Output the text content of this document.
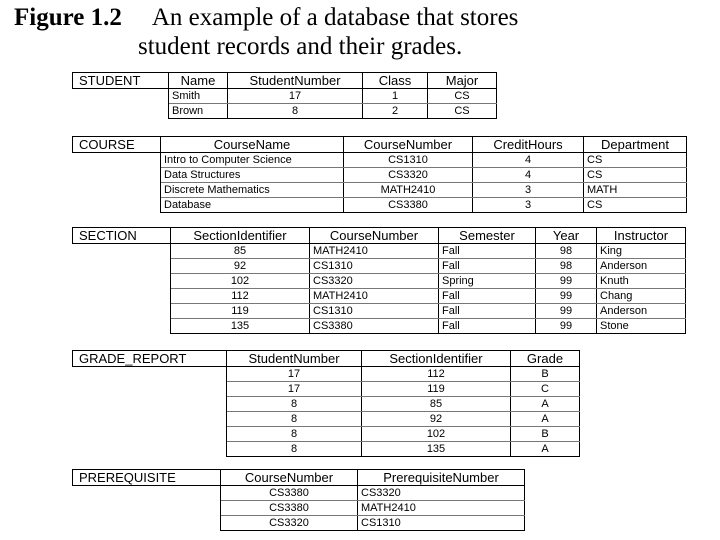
Figure 1.2 An example of a database that stores
student records and their grades.
STUDENT	Name	StudentNumber	Class	Major
	Smith	17	1	CS
	Brown	8	2	CS
COURSE	CourseName	CourseNumber	CreditHours	Department
	Intro to Computer Science	CS1310	4	CS
	Data Structures	CS3320	4	CS
	Discrete Mathematics	MATH2410	3	MATH
	Database	CS3380	3	CS
SECTION	SectionIdentifier	CourseNumber	Semester	Year	Instructor
	85	MATH2410	Fall	98	King
	92	CS1310	Fall	98	Anderson
	102	CS3320	Spring	99	Knuth
	112	MATH2410	Fall	99	Chang
	119	CS1310	Fall	99	Anderson
	135	CS3380	Fall	99	Stone
GRADE_REPORT	StudentNumber	SectionIdentifier	Grade
	17	112	B
	17	119	C
	8	85	A
	8	92	A
	8	102	B
	8	135	A
PREREQUISITE	CourseNumber	PrerequisiteNumber
	CS3380	CS3320
	CS3380	MATH2410
	CS3320	CS1310
